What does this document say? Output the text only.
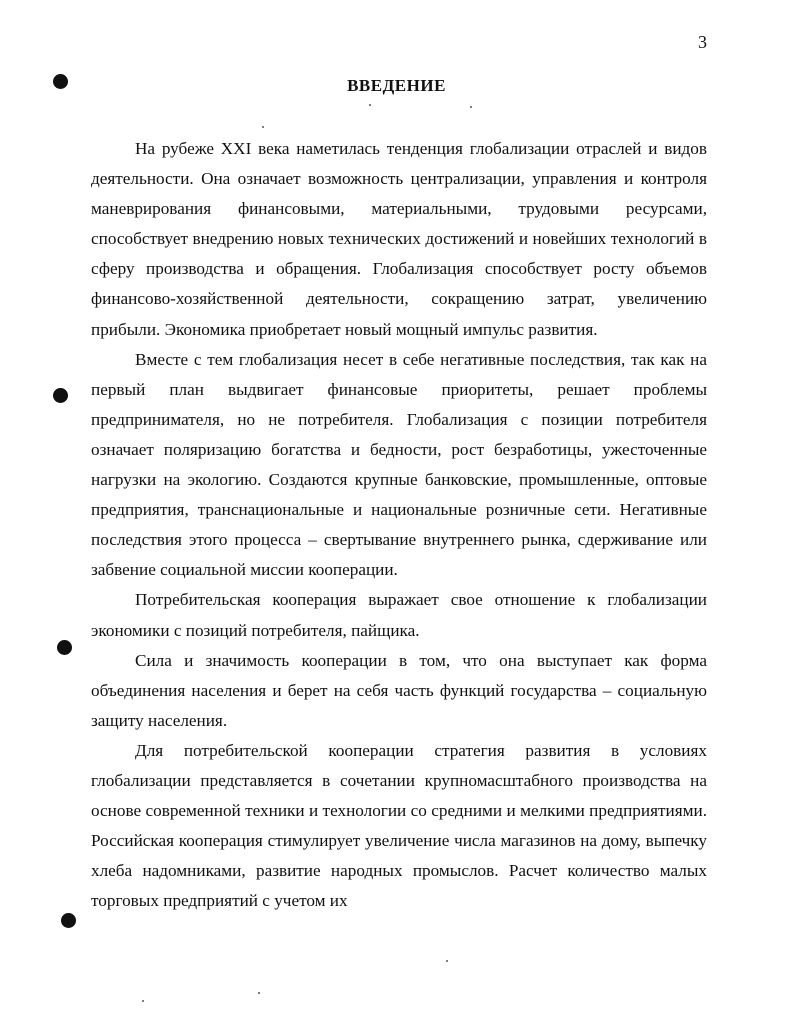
3
ВВЕДЕНИЕ

На рубеже XXI века наметилась тенденция глобализации отраслей и видов деятельности. Она означает возможность централизации, управления и контроля маневрирования финансовыми, материальными, трудовыми ресурсами, способствует внедрению новых технических достижений и новейших технологий в сферу производства и обращения. Глобализация способствует росту объемов финансово-хозяйственной деятельности, сокращению затрат, увеличению прибыли. Экономика приобретает новый мощный импульс развития.

Вместе с тем глобализация несет в себе негативные последствия, так как на первый план выдвигает финансовые приоритеты, решает проблемы предпринимателя, но не потребителя. Глобализация с позиции потребителя означает поляризацию богатства и бедности, рост безработицы, ужесточенные нагрузки на экологию. Создаются крупные банковские, промышленные, оптовые предприятия, транснациональные и национальные розничные сети. Негативные последствия этого процесса – свертывание внутреннего рынка, сдерживание или забвение социальной миссии кооперации.

Потребительская кооперация выражает свое отношение к глобализации экономики с позиций потребителя, пайщика.

Сила и значимость кооперации в том, что она выступает как форма объединения населения и берет на себя часть функций государства – социальную защиту населения.

Для потребительской кооперации стратегия развития в условиях глобализации представляется в сочетании крупномасштабного производства на основе современной техники и технологии со средними и мелкими предприятиями. Российская кооперация стимулирует увеличение числа магазинов на дому, выпечку хлеба надомниками, развитие народных промыслов. Расчет количество малых торговых предприятий с учетом их
